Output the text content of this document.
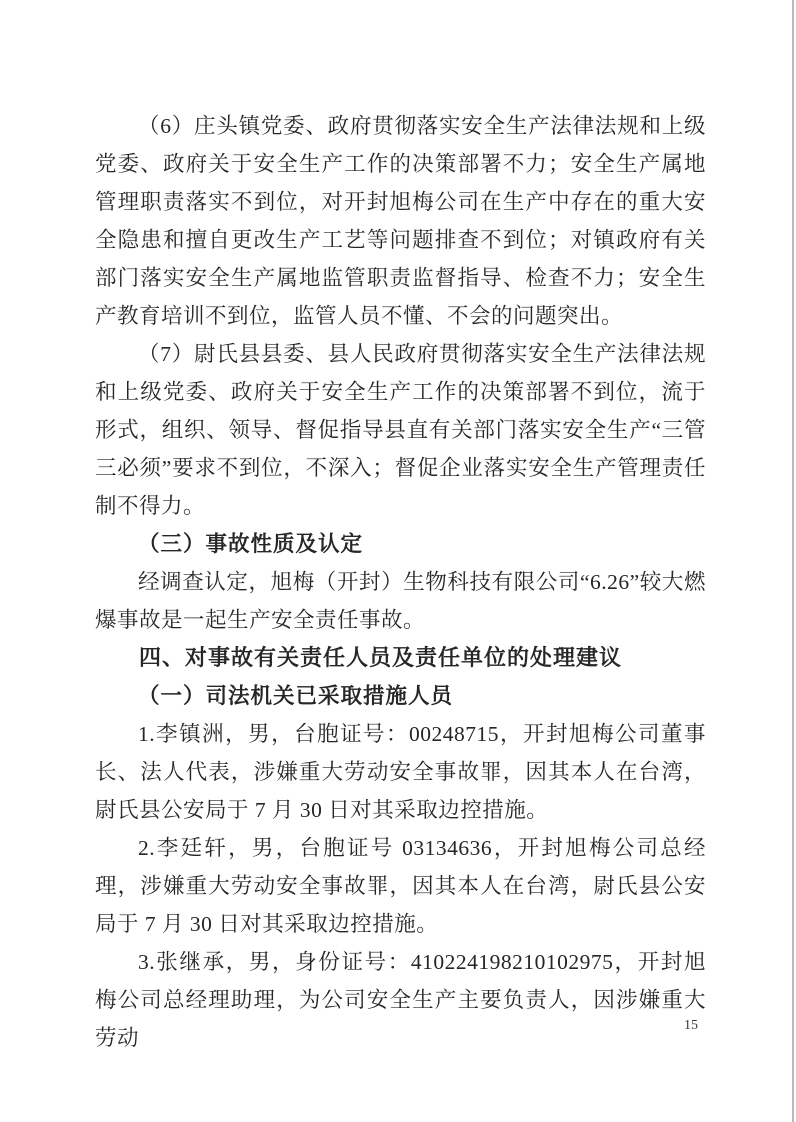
（6）庄头镇党委、政府贯彻落实安全生产法律法规和上级党委、政府关于安全生产工作的决策部署不力；安全生产属地管理职责落实不到位，对开封旭梅公司在生产中存在的重大安全隐患和擅自更改生产工艺等问题排查不到位；对镇政府有关部门落实安全生产属地监管职责监督指导、检查不力；安全生产教育培训不到位，监管人员不懂、不会的问题突出。

（7）尉氏县县委、县人民政府贯彻落实安全生产法律法规和上级党委、政府关于安全生产工作的决策部署不到位，流于形式，组织、领导、督促指导县直有关部门落实安全生产“三管三必须”要求不到位，不深入；督促企业落实安全生产管理责任制不得力。

（三）事故性质及认定

经调查认定，旭梅（开封）生物科技有限公司“6.26”较大燃爆事故是一起生产安全责任事故。

四、对事故有关责任人员及责任单位的处理建议

（一）司法机关已采取措施人员

1.李镇洲，男，台胞证号：00248715，开封旭梅公司董事长、法人代表，涉嫌重大劳动安全事故罪，因其本人在台湾，尉氏县公安局于 7 月 30 日对其采取边控措施。

2.李廷轩，男，台胞证号 03134636，开封旭梅公司总经理，涉嫌重大劳动安全事故罪，因其本人在台湾，尉氏县公安局于 7 月 30 日对其采取边控措施。

3.张继承，男，身份证号：410224198210102975，开封旭梅公司总经理助理，为公司安全生产主要负责人，因涉嫌重大劳动

15
